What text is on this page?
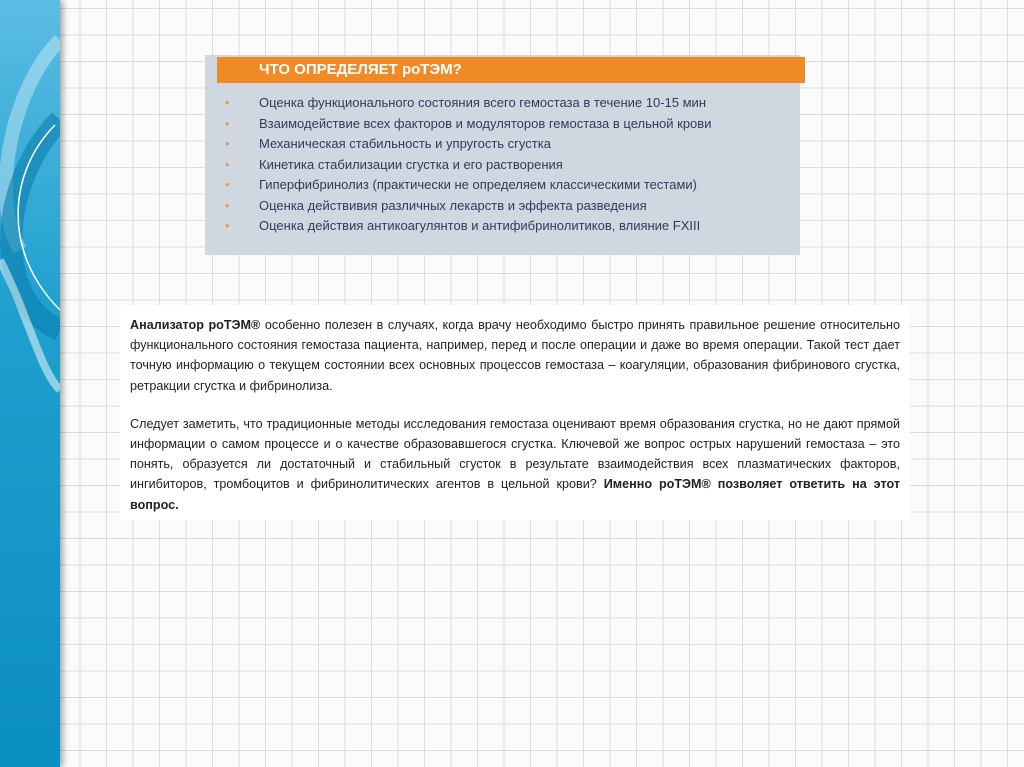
ЧТО ОПРЕДЕЛЯЕТ роТЭМ?
• Оценка функционального состояния всего гемостаза в течение 10-15 мин
• Взаимодействие всех факторов и модуляторов гемостаза в цельной крови
• Механическая стабильность и упругость сгустка
• Кинетика стабилизации сгустка и его растворения
• Гиперфибринолиз (практически не определяем классическими тестами)
• Оценка действивия различных лекарств и эффекта разведения
• Оценка действия антикоагулянтов и антифибринолитиков, влияние FXIII

Анализатор роТЭМ® особенно полезен в случаях, когда врачу необходимо быстро принять правильное решение относительно функционального состояния гемостаза пациента, например, перед и после операции и даже во время операции. Такой тест дает точную информацию о текущем состоянии всех основных процессов гемостаза – коагуляции, образования фибринового сгустка, ретракции сгустка и фибринолиза.

Следует заметить, что традиционные методы исследования гемостаза оценивают время образования сгустка, но не дают прямой информации о самом процессе и о качестве образовавшегося сгустка. Ключевой же вопрос острых нарушений гемостаза – это понять, образуется ли достаточный и стабильный сгусток в результате взаимодействия всех плазматических факторов, ингибиторов, тромбоцитов и фибринолитических агентов в цельной крови? Именно роТЭМ® позволяет ответить на этот вопрос.
